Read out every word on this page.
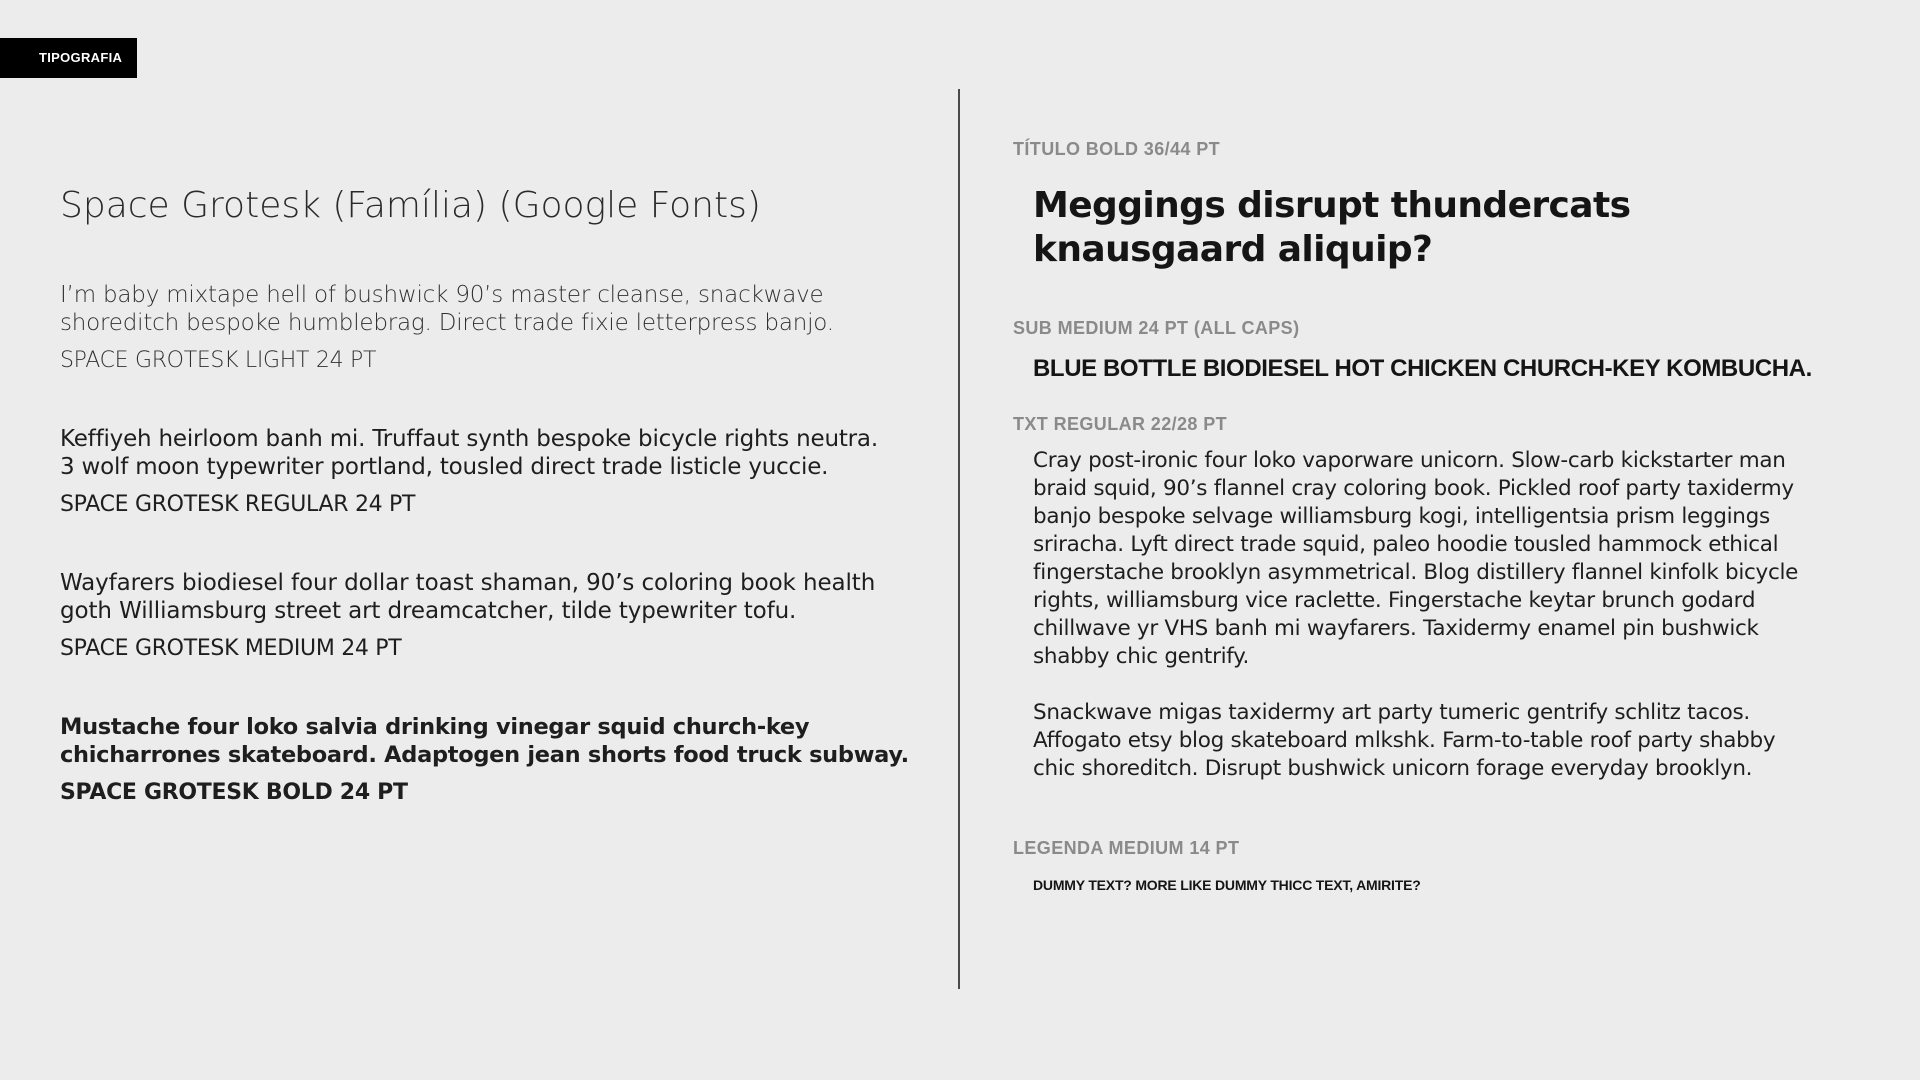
TIPOGRAFIA
Space Grotesk (Família) (Google Fonts)
I’m baby mixtape hell of bushwick 90’s master cleanse, snackwave
shoreditch bespoke humblebrag. Direct trade fixie letterpress banjo.
SPACE GROTESK LIGHT 24 PT
Keffiyeh heirloom banh mi. Truffaut synth bespoke bicycle rights neutra.
3 wolf moon typewriter portland, tousled direct trade listicle yuccie.
SPACE GROTESK REGULAR 24 PT
Wayfarers biodiesel four dollar toast shaman, 90’s coloring book health
goth Williamsburg street art dreamcatcher, tilde typewriter tofu.
SPACE GROTESK MEDIUM 24 PT
Mustache four loko salvia drinking vinegar squid church-key
chicharrones skateboard. Adaptogen jean shorts food truck subway.
SPACE GROTESK BOLD 24 PT
TÍTULO BOLD 36/44 PT
Meggings disrupt thundercats
knausgaard aliquip?
SUB MEDIUM 24 PT (ALL CAPS)
BLUE BOTTLE BIODIESEL HOT CHICKEN CHURCH-KEY KOMBUCHA.
TXT REGULAR 22/28 PT

Cray post-ironic four loko vaporware unicorn. Slow-carb kickstarter man
braid squid, 90’s flannel cray coloring book. Pickled roof party taxidermy
banjo bespoke selvage williamsburg kogi, intelligentsia prism leggings
sriracha. Lyft direct trade squid, paleo hoodie tousled hammock ethical
fingerstache brooklyn asymmetrical. Blog distillery flannel kinfolk bicycle
rights, williamsburg vice raclette. Fingerstache keytar brunch godard
chillwave yr VHS banh mi wayfarers. Taxidermy enamel pin bushwick
shabby chic gentrify.

Snackwave migas taxidermy art party tumeric gentrify schlitz tacos.
Affogato etsy blog skateboard mlkshk. Farm-to-table roof party shabby
chic shoreditch. Disrupt bushwick unicorn forage everyday brooklyn.

LEGENDA MEDIUM 14 PT
DUMMY TEXT? MORE LIKE DUMMY THICC TEXT, AMIRITE?
